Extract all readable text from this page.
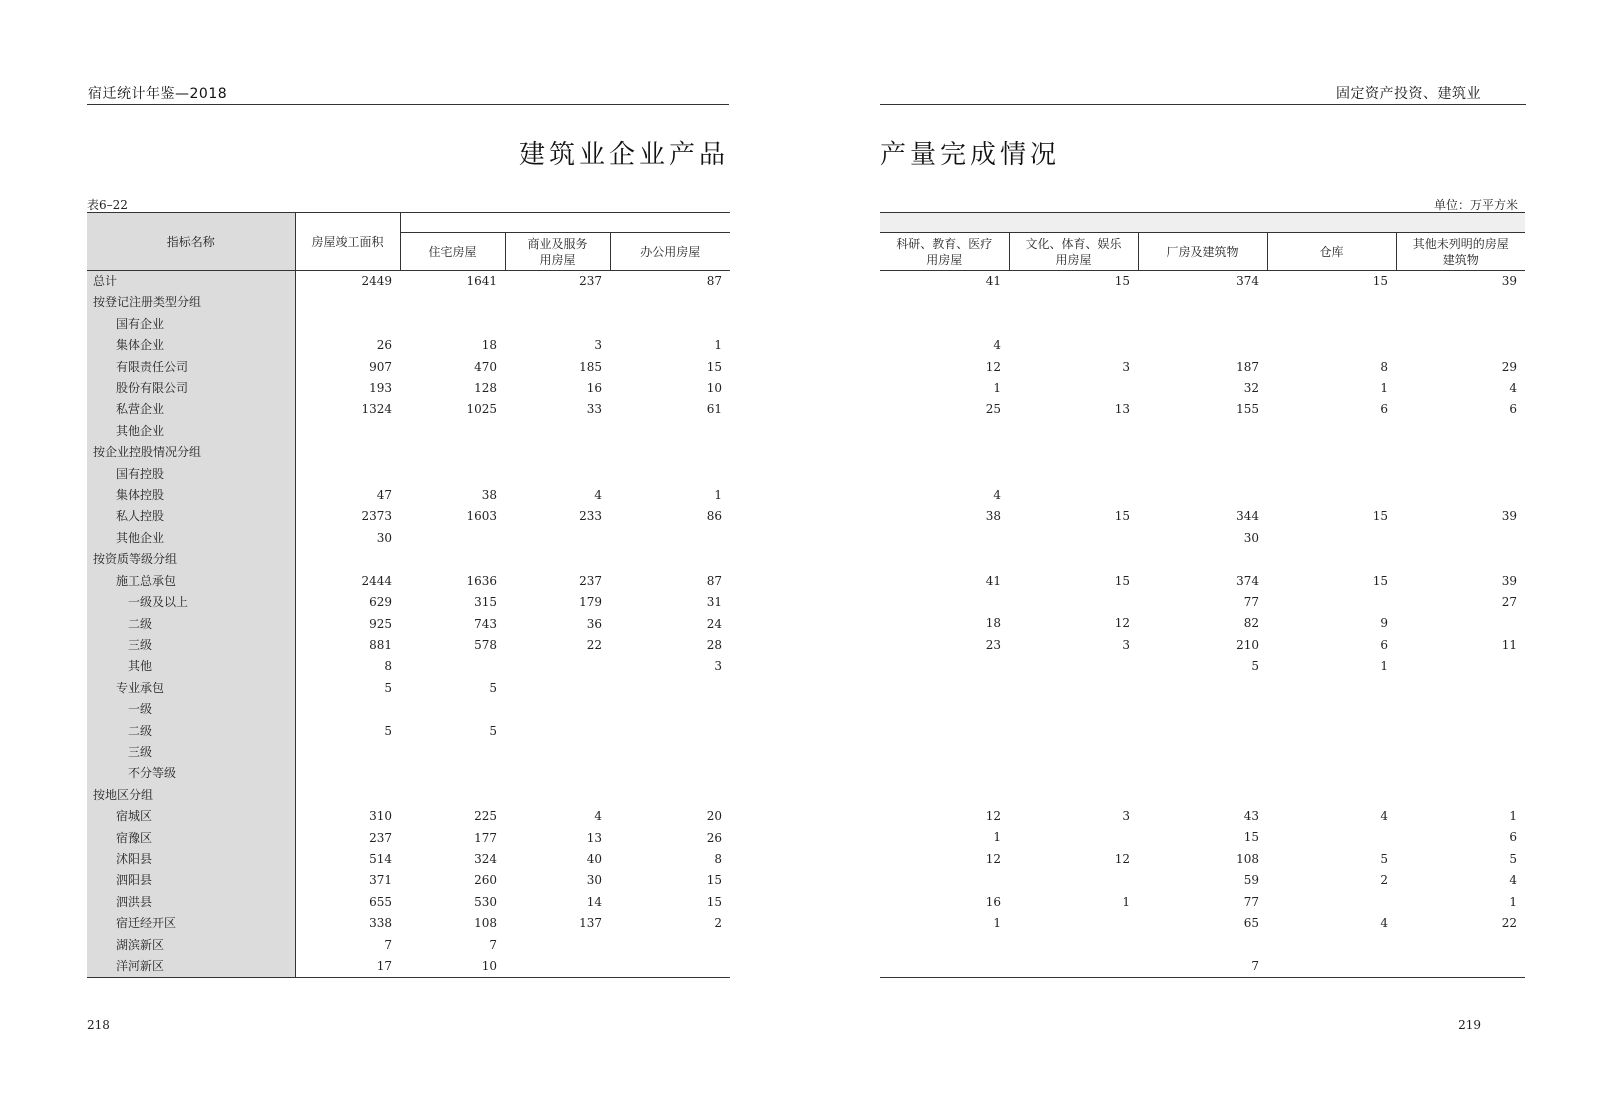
宿迁统计年鉴—2018
建筑业企业产品
表6–22
指标名称	房屋竣工面积			
		住宅房屋	商业及服务用房屋	办公用房屋
总计	2449	1641	237	87
按登记注册类型分组				
国有企业				
集体企业	26	18	3	1
有限责任公司	907	470	185	15
股份有限公司	193	128	16	10
私营企业	1324	1025	33	61
其他企业				
按企业控股情况分组				
国有控股				
集体控股	47	38	4	1
私人控股	2373	1603	233	86
其他企业	30			
按资质等级分组				
施工总承包	2444	1636	237	87
一级及以上	629	315	179	31
二级	925	743	36	24
三级	881	578	22	28
其他	8			3
专业承包	5	5		
一级				
二级	5	5		
三级				
不分等级				
按地区分组				
宿城区	310	225	4	20
宿豫区	237	177	13	26
沭阳县	514	324	40	8
泗阳县	371	260	30	15
泗洪县	655	530	14	15
宿迁经开区	338	108	137	2
湖滨新区	7	7		
洋河新区	17	10		
218
固定资产投资、建筑业
产量完成情况
单位：万平方米

科研、教育、医疗用房屋	文化、体育、娱乐用房屋	厂房及建筑物	仓库	其他未列明的房屋建筑物
41	15	374	15	39

4				
12	3	187	8	29
1		32	1	4
25	13	155	6	6

4				
38	15	344	15	39
		30		

41	15	374	15	39
		77		27
18	12	82	9	
23	3	210	6	11
		5	1	

12	3	43	4	1
1		15		6
12	12	108	5	5
		59	2	4
16	1	77		1
1		65	4	22

		7		
219
